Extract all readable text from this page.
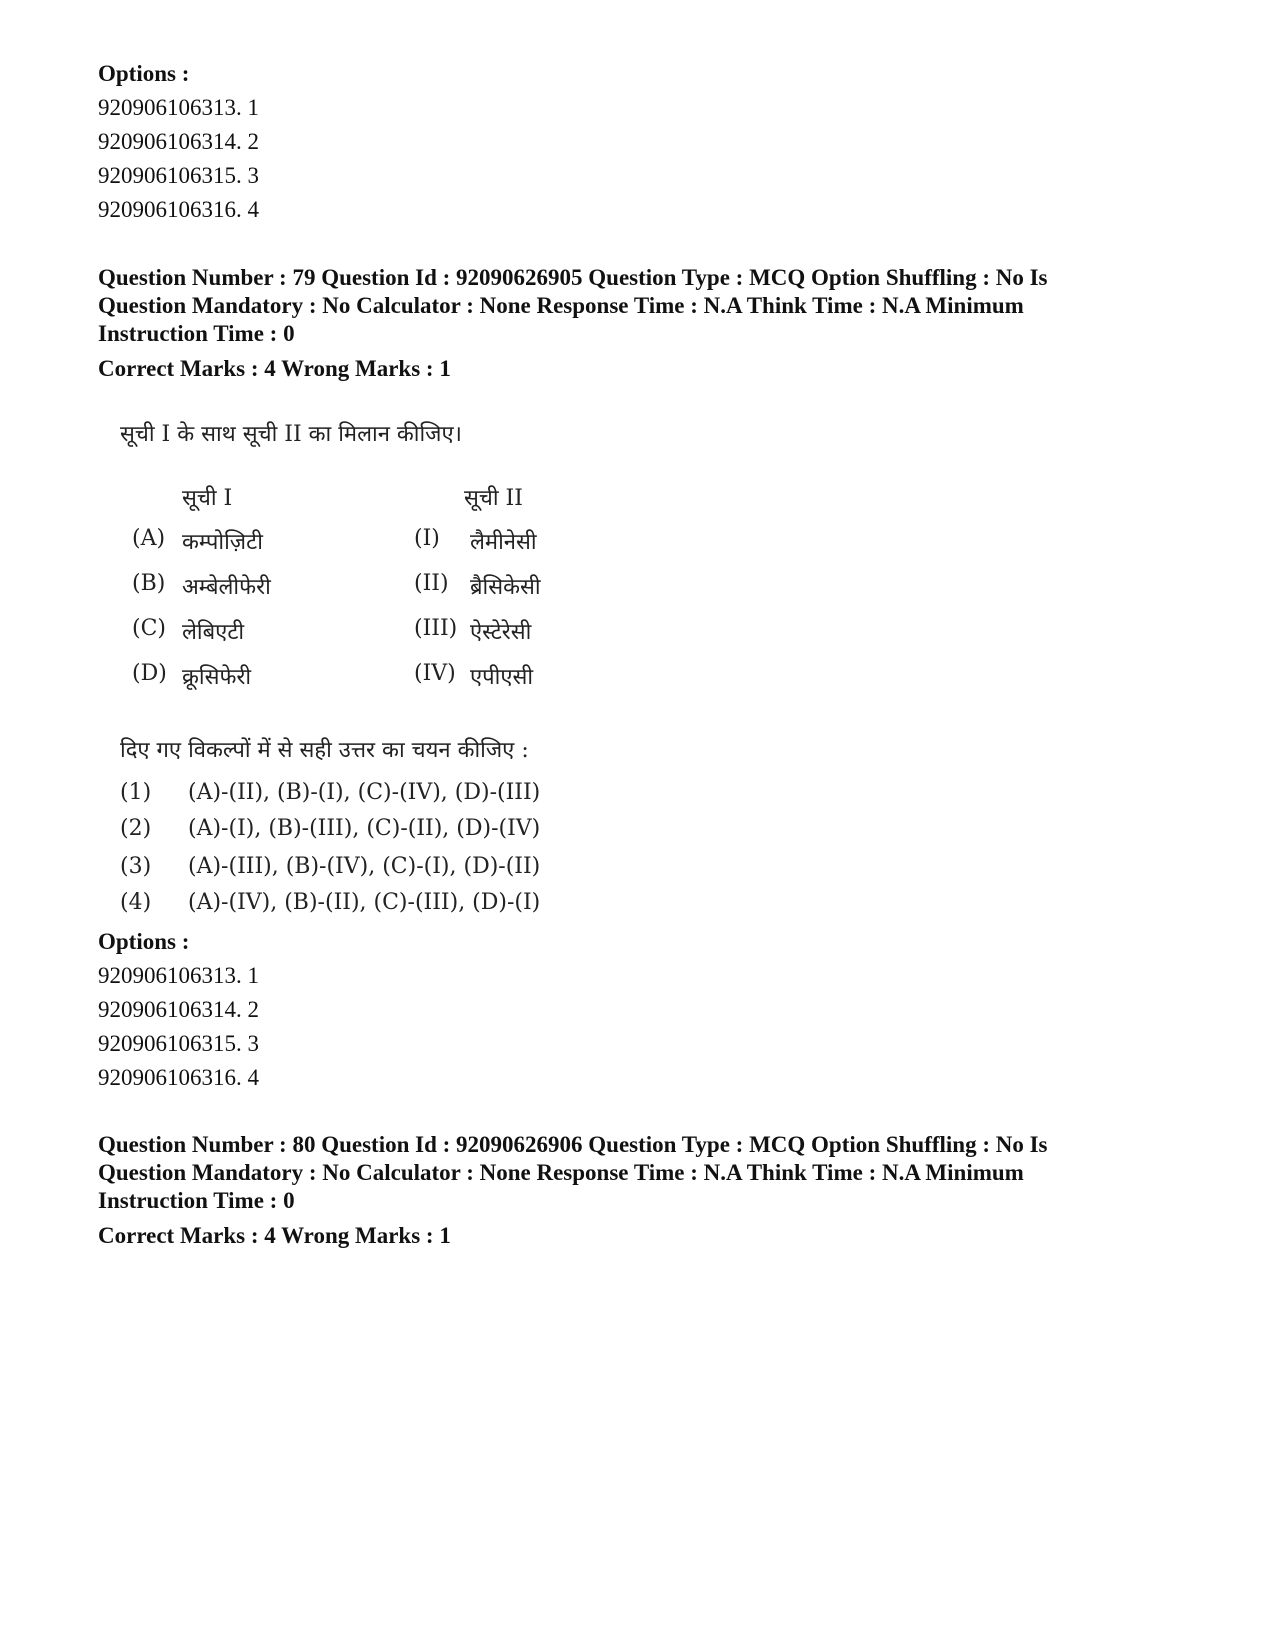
Options :
920906106313. 1
920906106314. 2
920906106315. 3
920906106316. 4
Question Number : 79 Question Id : 92090626905 Question Type : MCQ Option Shuffling : No Is
Question Mandatory : No Calculator : None Response Time : N.A Think Time : N.A Minimum
Instruction Time : 0
Correct Marks : 4 Wrong Marks : 1
सूची I के साथ सूची II का मिलान कीजिए।
सूची I	सूची II
(A) कम्पोज़िटी	(I) लैमीनेसी
(B) अम्बेलीफेरी	(II) ब्रैसिकेसी
(C) लेबिएटी	(III) ऐस्टेरेसी
(D) क्रूसिफेरी	(IV) एपीएसी
दिए गए विकल्पों में से सही उत्तर का चयन कीजिए :
(1) (A)-(II), (B)-(I), (C)-(IV), (D)-(III)
(2) (A)-(I), (B)-(III), (C)-(II), (D)-(IV)
(3) (A)-(III), (B)-(IV), (C)-(I), (D)-(II)
(4) (A)-(IV), (B)-(II), (C)-(III), (D)-(I)
Options :
920906106313. 1
920906106314. 2
920906106315. 3
920906106316. 4
Question Number : 80 Question Id : 92090626906 Question Type : MCQ Option Shuffling : No Is
Question Mandatory : No Calculator : None Response Time : N.A Think Time : N.A Minimum
Instruction Time : 0
Correct Marks : 4 Wrong Marks : 1
